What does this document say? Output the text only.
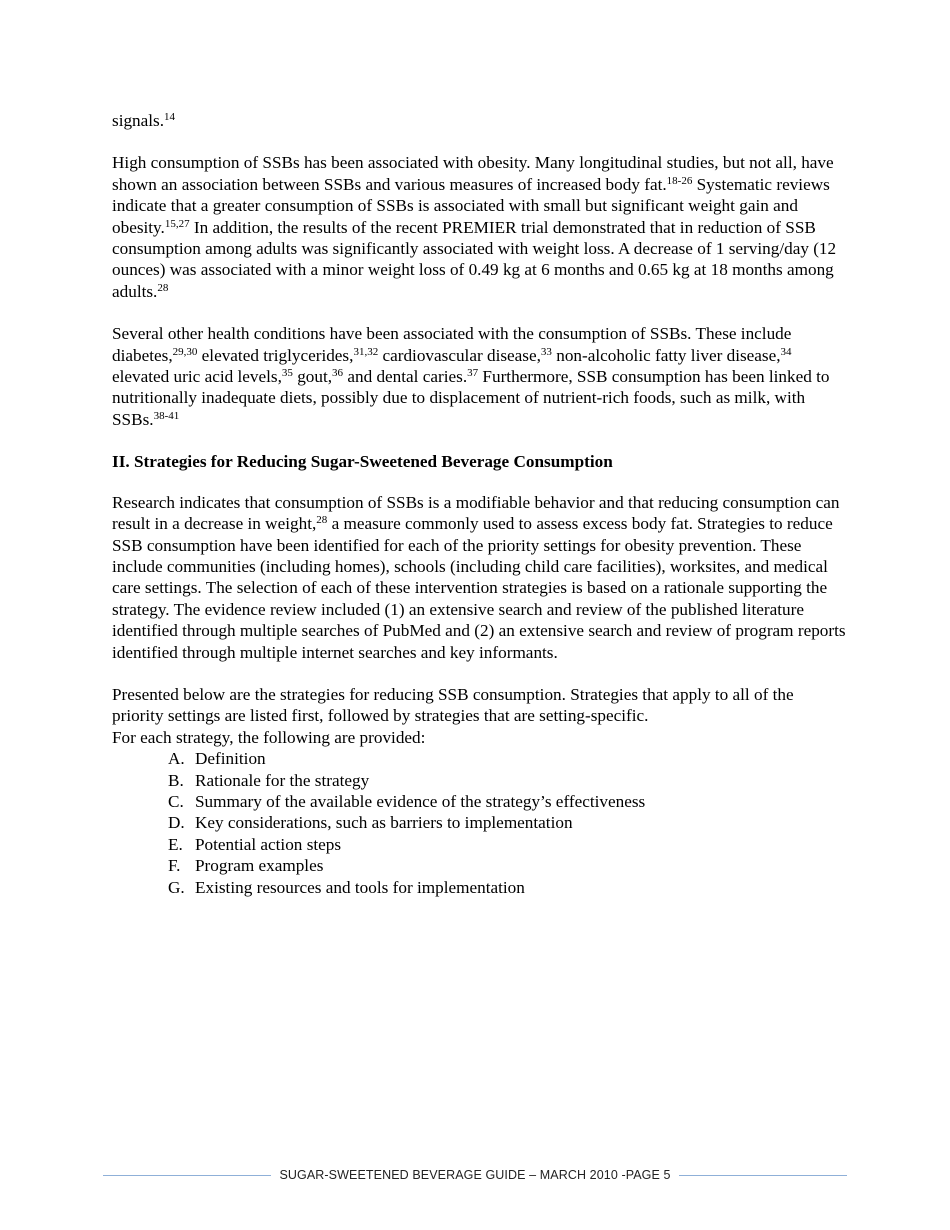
signals.$^{14}$

High consumption of SSBs has been associated with obesity. Many longitudinal studies, but not all, have shown an association between SSBs and various measures of increased body fat.$^{18-26}$ Systematic reviews indicate that a greater consumption of SSBs is associated with small but significant weight gain and obesity.$^{15,27}$ In addition, the results of the recent PREMIER trial demonstrated that in reduction of SSB consumption among adults was significantly associated with weight loss. A decrease of 1 serving/day (12 ounces) was associated with a minor weight loss of 0.49 kg at 6 months and 0.65 kg at 18 months among adults.$^{28}$

Several other health conditions have been associated with the consumption of SSBs. These include diabetes,$^{29,30}$ elevated triglycerides,$^{31,32}$ cardiovascular disease,$^{33}$ non-alcoholic fatty liver disease,$^{34}$ elevated uric acid levels,$^{35}$ gout,$^{36}$ and dental caries.$^{37}$ Furthermore, SSB consumption has been linked to nutritionally inadequate diets, possibly due to displacement of nutrient-rich foods, such as milk, with SSBs.$^{38-41}$

II. Strategies for Reducing Sugar-Sweetened Beverage Consumption

Research indicates that consumption of SSBs is a modifiable behavior and that reducing consumption can result in a decrease in weight,$^{28}$ a measure commonly used to assess excess body fat. Strategies to reduce SSB consumption have been identified for each of the priority settings for obesity prevention. These include communities (including homes), schools (including child care facilities), worksites, and medical care settings. The selection of each of these intervention strategies is based on a rationale supporting the strategy. The evidence review included (1) an extensive search and review of the published literature identified through multiple searches of PubMed and (2) an extensive search and review of program reports identified through multiple internet searches and key informants.

Presented below are the strategies for reducing SSB consumption. Strategies that apply to all of the priority settings are listed first, followed by strategies that are setting-specific.
For each strategy, the following are provided:

A. Definition
B. Rationale for the strategy
C. Summary of the available evidence of the strategy’s effectiveness
D. Key considerations, such as barriers to implementation
E. Potential action steps
F. Program examples
G. Existing resources and tools for implementation
SUGAR-SWEETENED BEVERAGE GUIDE – MARCH 2010 -PAGE 5
